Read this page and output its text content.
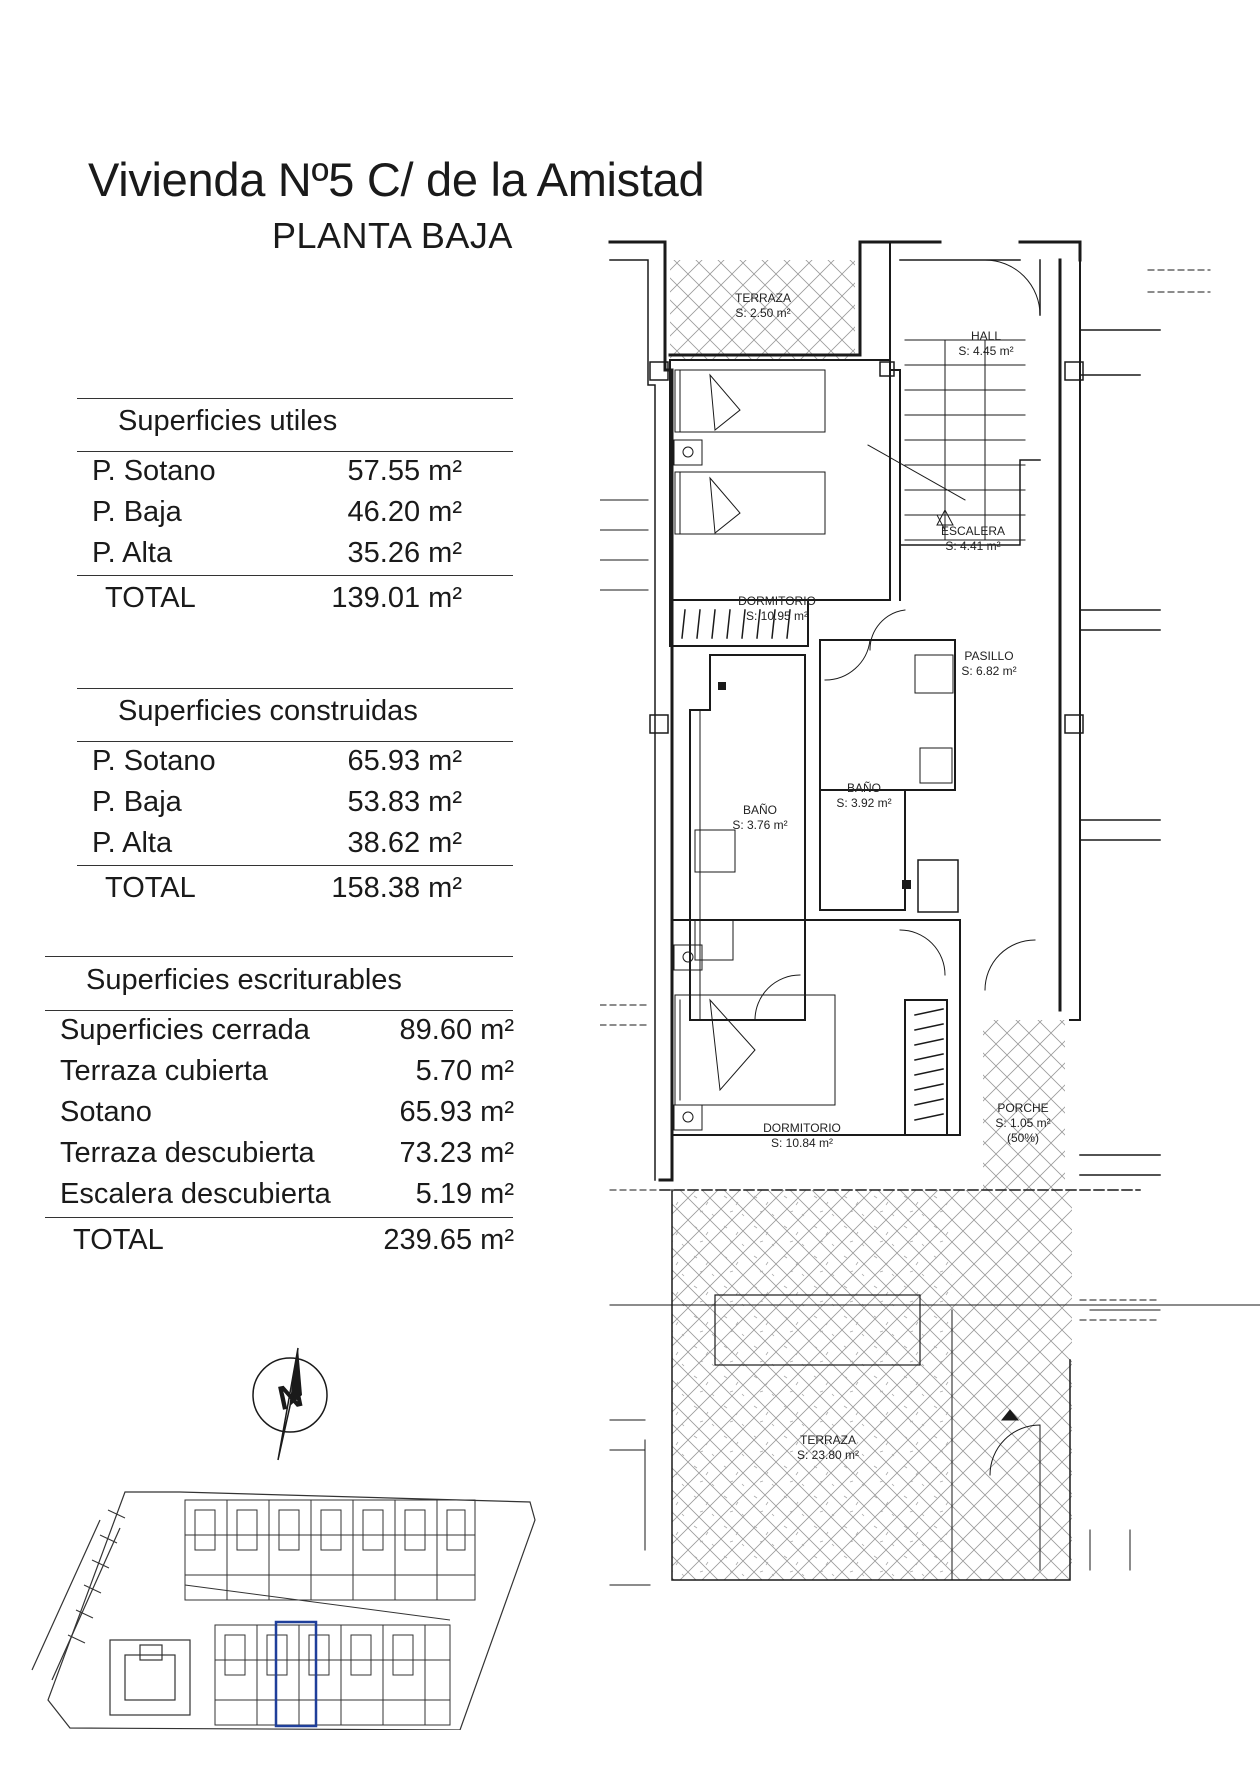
Vivienda Nº5 C/ de la Amistad
PLANTA BAJA
Superficies utiles
P. Sotano	57.55 m²
P. Baja	46.20 m²
P. Alta	35.26 m²
TOTAL	139.01 m²
Superficies construidas
P. Sotano	65.93 m²
P. Baja	53.83 m²
P. Alta	38.62 m²
TOTAL	158.38 m²
Superficies escriturables
Superficies cerrada	89.60 m²
Terraza cubierta	5.70 m²
Sotano	65.93 m²
Terraza descubierta	73.23 m²
Escalera descubierta	5.19 m²
TOTAL	239.65 m²
N
TERRAZA
S: 2.50 m²
HALL
S: 4.45 m²
ESCALERA
S: 4.41 m²
DORMITORIO
S: 10.95 m²
PASILLO
S: 6.82 m²
BAÑO
S: 3.92 m²
BAÑO
S: 3.76 m²
PORCHE
S: 1.05 m²
(50%)
DORMITORIO
S: 10.84 m²
TERRAZA
S: 23.80 m²
